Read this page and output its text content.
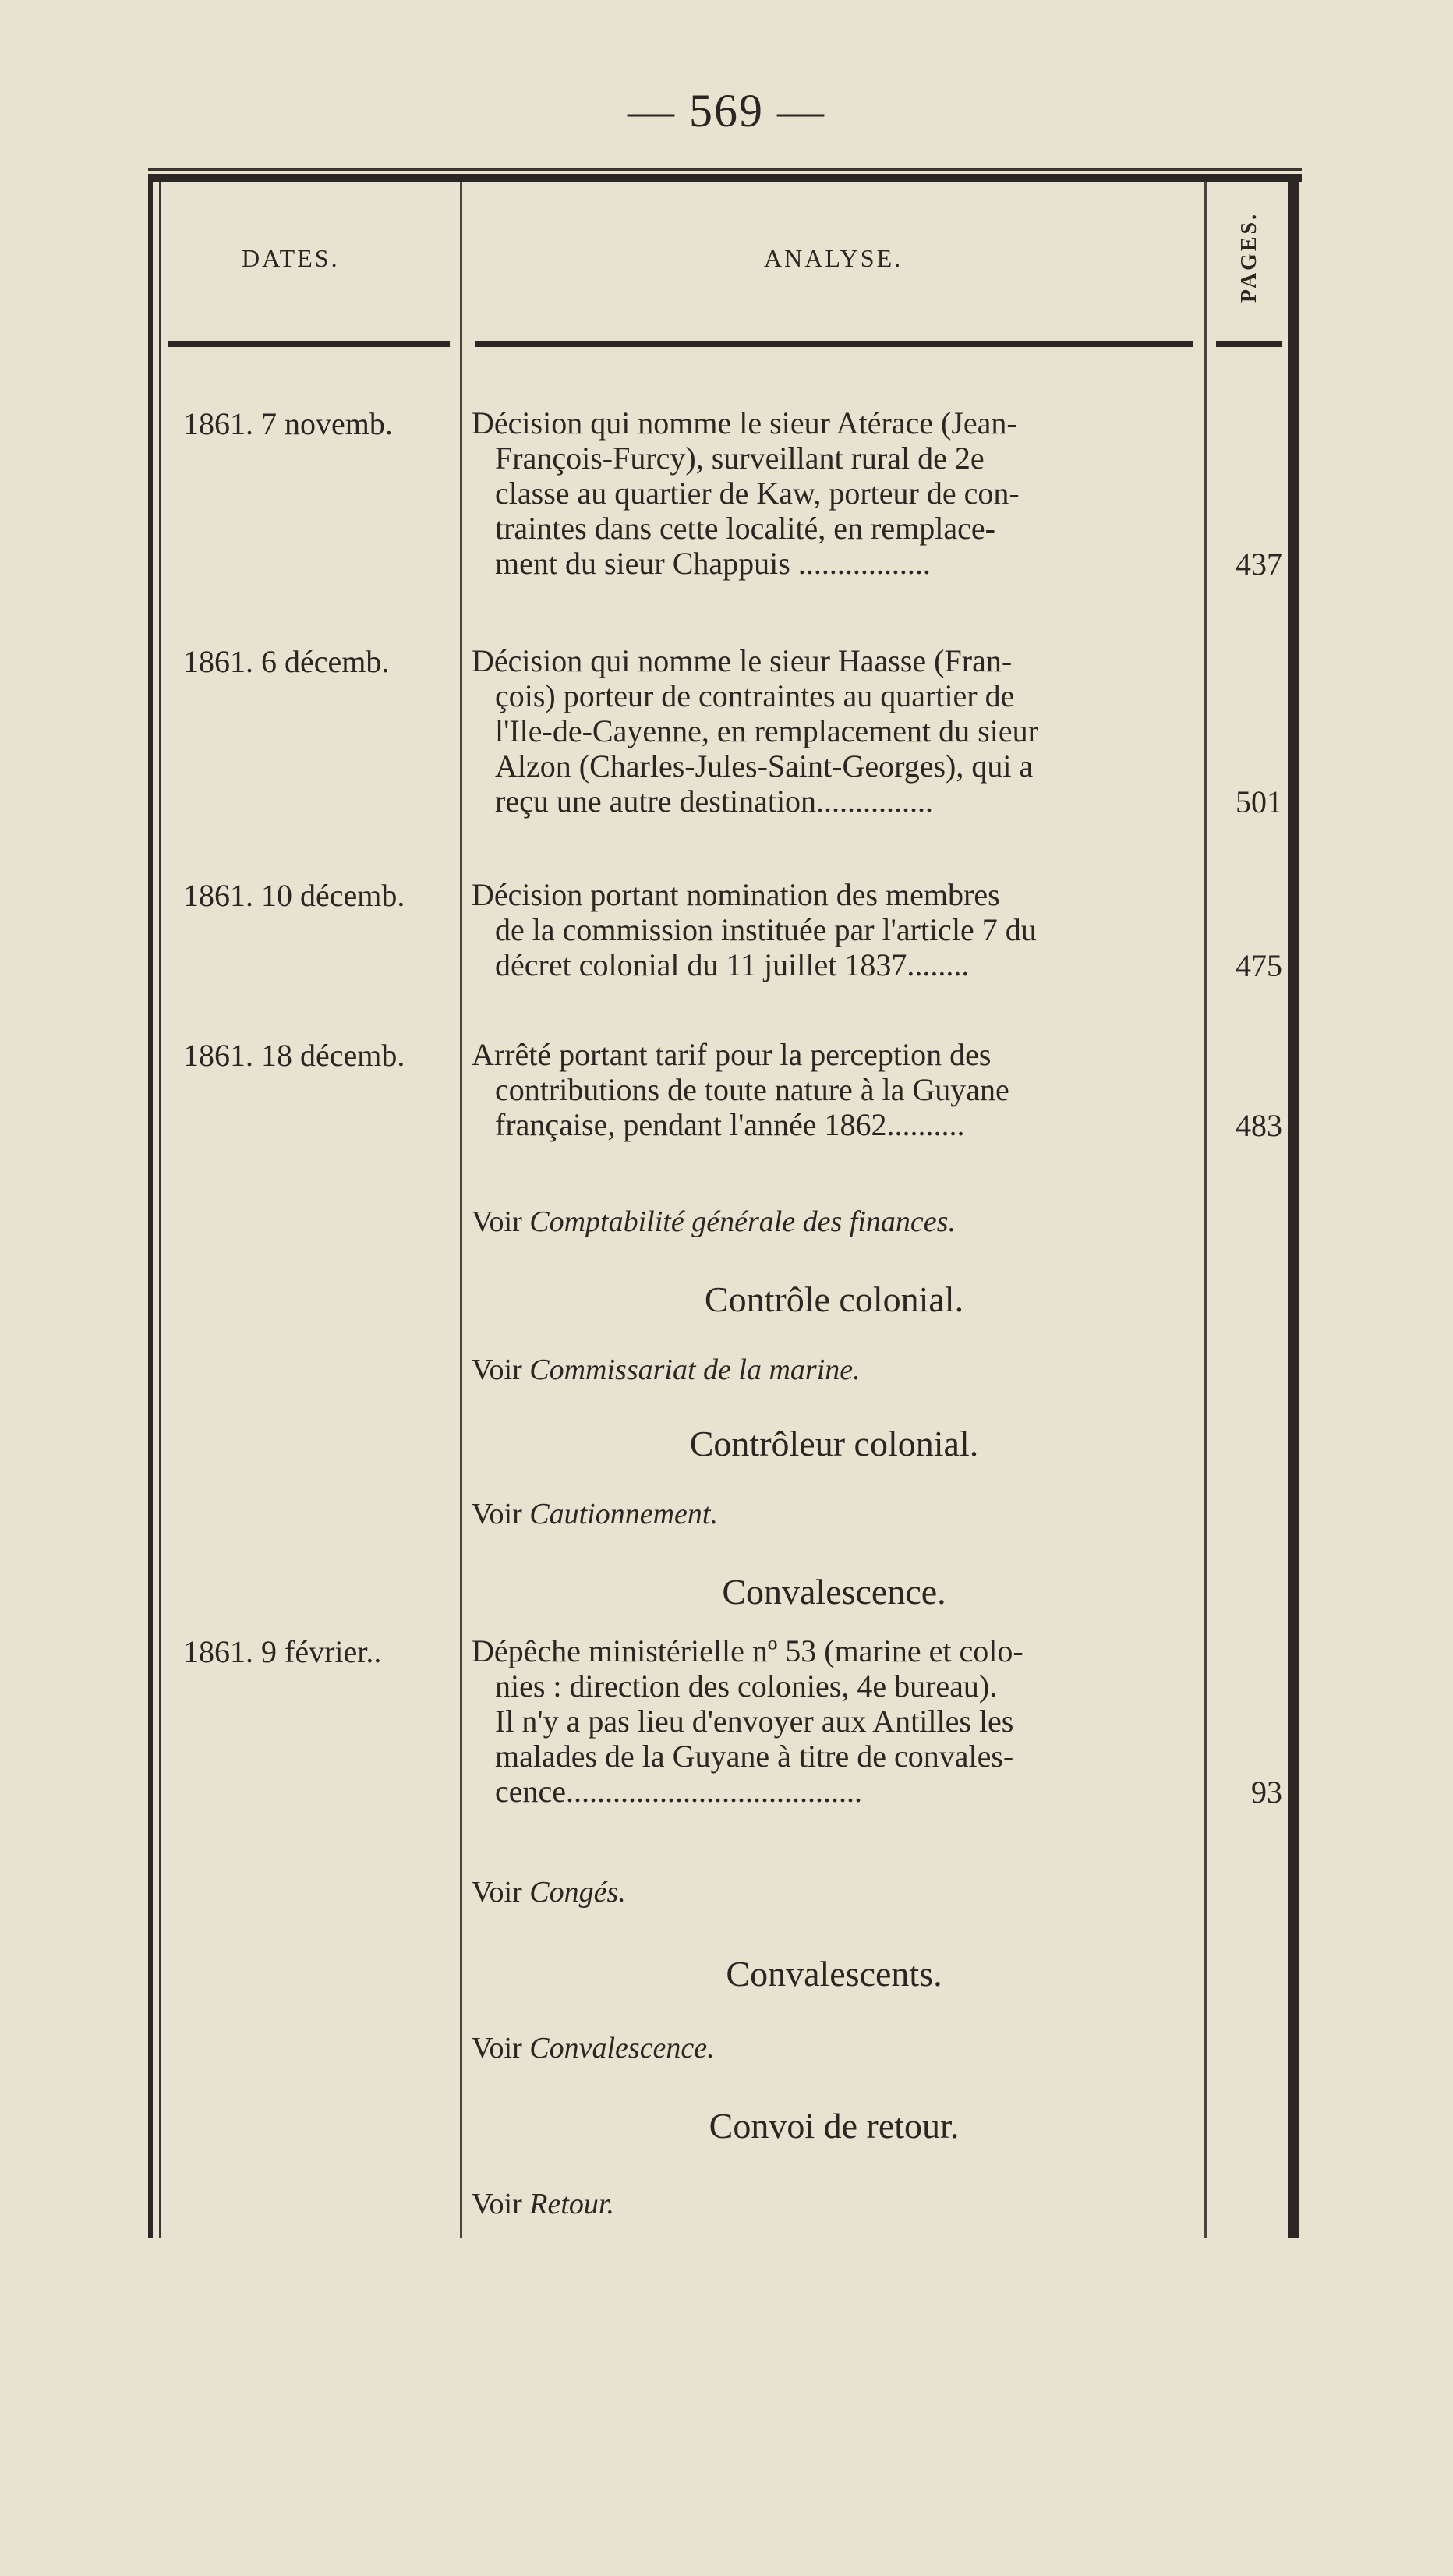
— 569 —
DATES.	ANALYSE.	PAGES.
1861. 7 novemb.	Décision qui nomme le sieur Atérace (Jean-
François-Furcy), surveillant rural de 2e
classe au quartier de Kaw, porteur de con-
traintes dans cette localité, en remplace-
ment du sieur Chappuis .................	437
1861. 6 décemb.	Décision qui nomme le sieur Haasse (Fran-
çois) porteur de contraintes au quartier de
l'Ile-de-Cayenne, en remplacement du sieur
Alzon (Charles-Jules-Saint-Georges), qui a
reçu une autre destination...............	501
1861. 10 décemb.	Décision portant nomination des membres
de la commission instituée par l'article 7 du
décret colonial du 11 juillet 1837........	475
1861. 18 décemb.	Arrêté portant tarif pour la perception des
contributions de toute nature à la Guyane
française, pendant l'année 1862..........	483
Voir Comptabilité générale des finances.
Contrôle colonial.
Voir Commissariat de la marine.
Contrôleur colonial.
Voir Cautionnement.
Convalescence.
1861. 9 février..	Dépêche ministérielle nº 53 (marine et colo-
nies : direction des colonies, 4e bureau).
Il n'y a pas lieu d'envoyer aux Antilles les
malades de la Guyane à titre de convales-
cence......................................	93
Voir Congés.
Convalescents.
Voir Convalescence.
Convoi de retour.
Voir Retour.
